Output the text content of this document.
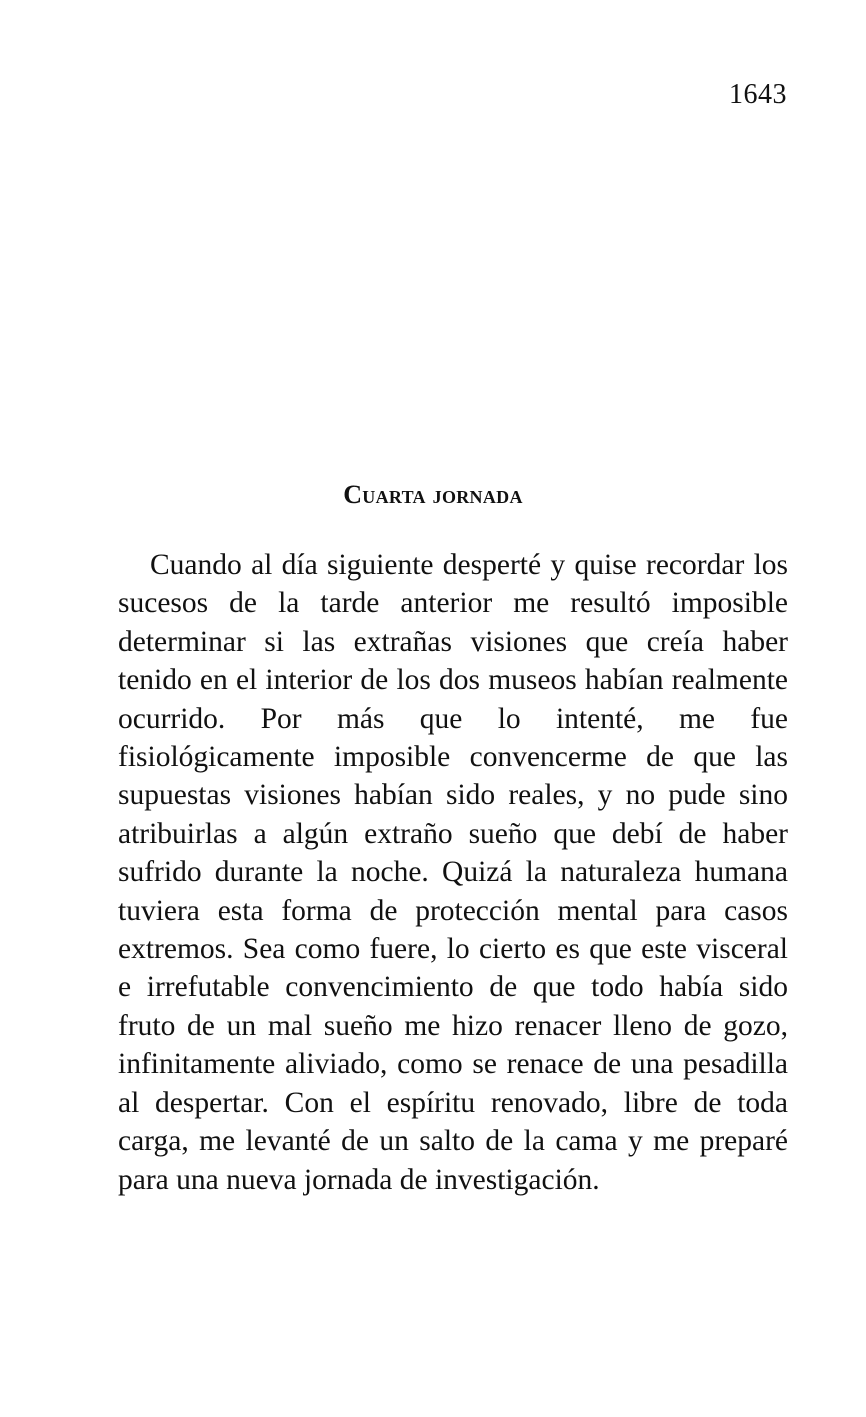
1643
Cuarta jornada

Cuando al día siguiente desperté y quise recordar los sucesos de la tarde anterior me resultó imposible determinar si las extrañas visiones que creía haber tenido en el interior de los dos museos habían realmente ocurrido. Por más que lo intenté, me fue fisiológicamente imposible convencerme de que las supuestas visiones habían sido reales, y no pude sino atribuirlas a algún extraño sueño que debí de haber sufrido durante la noche. Quizá la naturaleza humana tuviera esta forma de protección mental para casos extremos. Sea como fuere, lo cierto es que este visceral e irrefutable convencimiento de que todo había sido fruto de un mal sueño me hizo renacer lleno de gozo, infinitamente aliviado, como se renace de una pesadilla al despertar. Con el espíritu renovado, libre de toda carga, me levanté de un salto de la cama y me preparé para una nueva jornada de investigación.
